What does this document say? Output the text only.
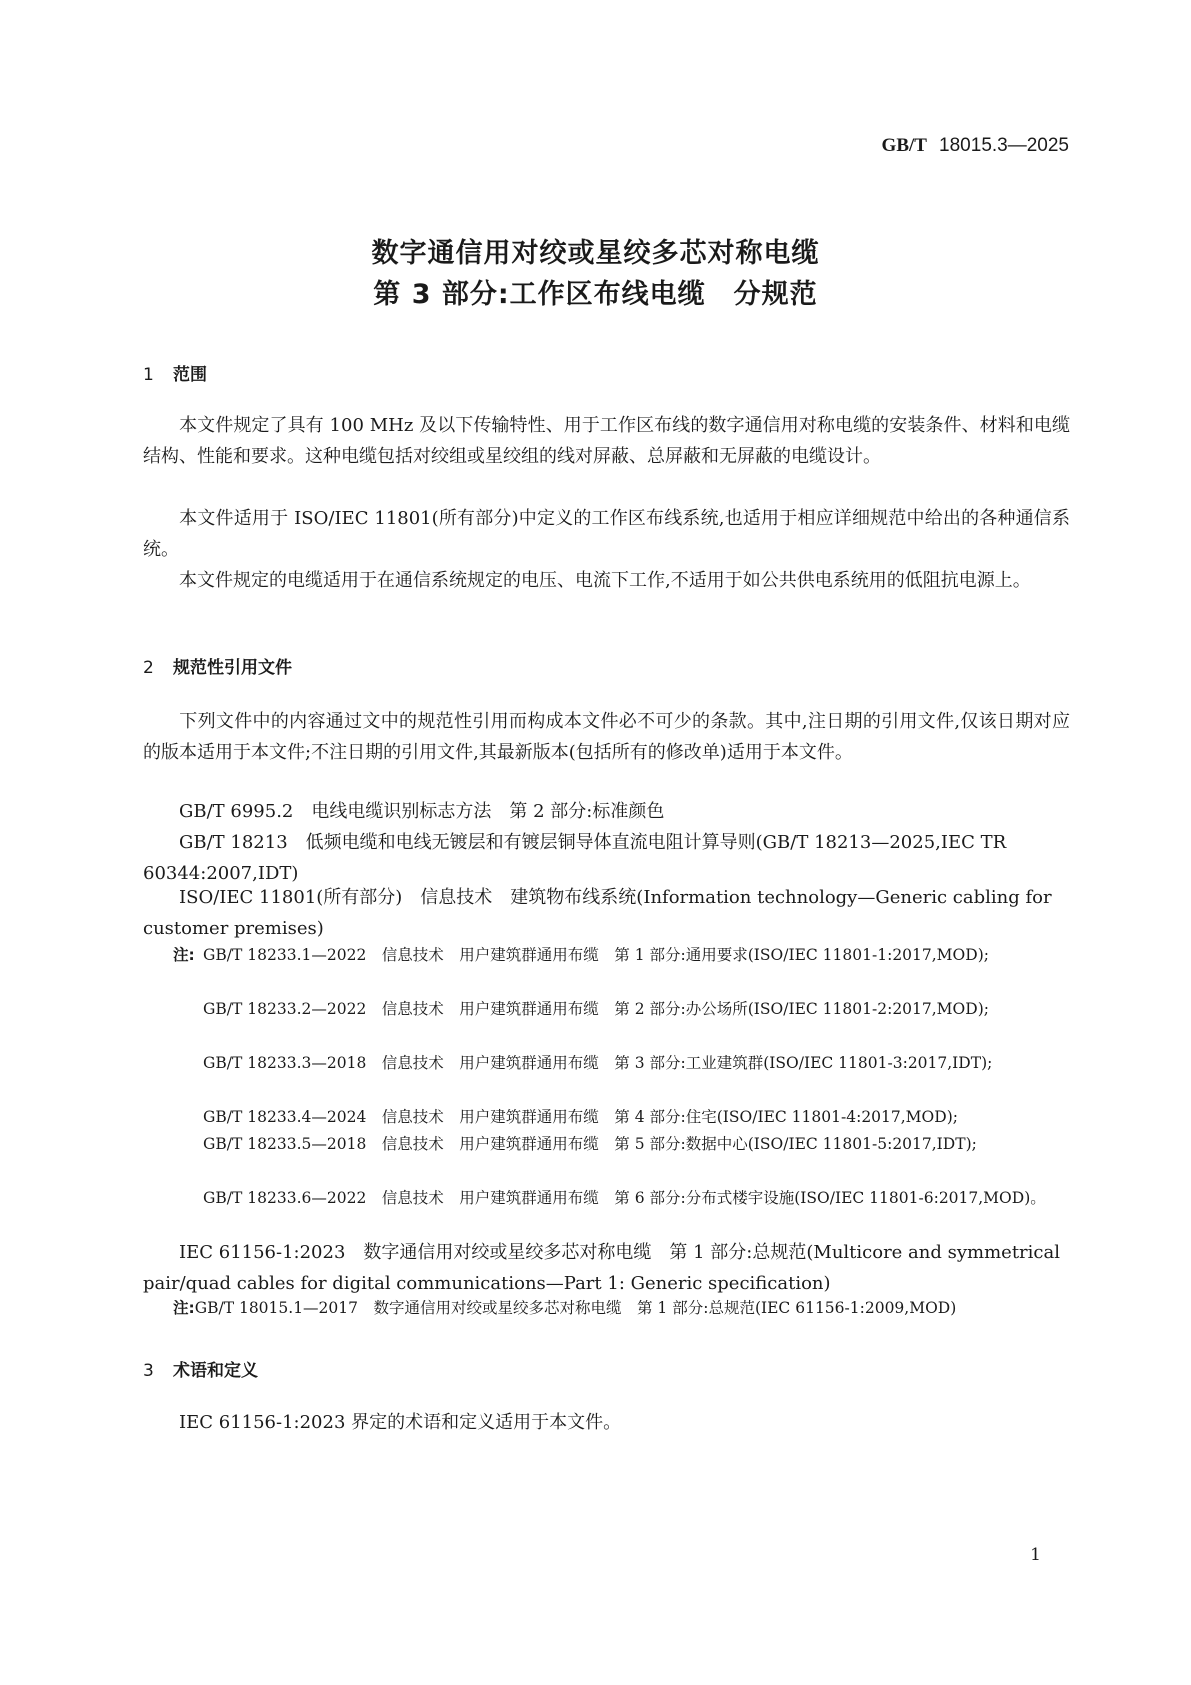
GB/T 18015.3—2025
数字通信用对绞或星绞多芯对称电缆
第 3 部分:工作区布线电缆　分规范
1 范围
本文件规定了具有 100 MHz 及以下传输特性、用于工作区布线的数字通信用对称电缆的安装条件、材料和电缆结构、性能和要求。这种电缆包括对绞组或星绞组的线对屏蔽、总屏蔽和无屏蔽的电缆设计。
本文件适用于 ISO/IEC 11801(所有部分)中定义的工作区布线系统,也适用于相应详细规范中给出的各种通信系统。
本文件规定的电缆适用于在通信系统规定的电压、电流下工作,不适用于如公共供电系统用的低阻抗电源上。
2 规范性引用文件
下列文件中的内容通过文中的规范性引用而构成本文件必不可少的条款。其中,注日期的引用文件,仅该日期对应的版本适用于本文件;不注日期的引用文件,其最新版本(包括所有的修改单)适用于本文件。
GB/T 6995.2　电线电缆识别标志方法　第 2 部分:标准颜色
GB/T 18213　低频电缆和电线无镀层和有镀层铜导体直流电阻计算导则(GB/T 18213—2025,IEC TR 60344:2007,IDT)
ISO/IEC 11801(所有部分)　信息技术　建筑物布线系统(Information technology—Generic cabling for customer premises)
注: GB/T 18233.1—2022　信息技术　用户建筑群通用布缆　第 1 部分:通用要求(ISO/IEC 11801-1:2017,MOD);
GB/T 18233.2—2022　信息技术　用户建筑群通用布缆　第 2 部分:办公场所(ISO/IEC 11801-2:2017,MOD);
GB/T 18233.3—2018　信息技术　用户建筑群通用布缆　第 3 部分:工业建筑群(ISO/IEC 11801-3:2017,IDT);
GB/T 18233.4—2024　信息技术　用户建筑群通用布缆　第 4 部分:住宅(ISO/IEC 11801-4:2017,MOD);
GB/T 18233.5—2018　信息技术　用户建筑群通用布缆　第 5 部分:数据中心(ISO/IEC 11801-5:2017,IDT);
GB/T 18233.6—2022　信息技术　用户建筑群通用布缆　第 6 部分:分布式楼宇设施(ISO/IEC 11801-6:2017,MOD)。
IEC 61156-1:2023　数字通信用对绞或星绞多芯对称电缆　第 1 部分:总规范(Multicore and symmetrical pair/quad cables for digital communications—Part 1: Generic specification)
注:GB/T 18015.1—2017　数字通信用对绞或星绞多芯对称电缆　第 1 部分:总规范(IEC 61156-1:2009,MOD)
3 术语和定义
IEC 61156-1:2023 界定的术语和定义适用于本文件。
1
